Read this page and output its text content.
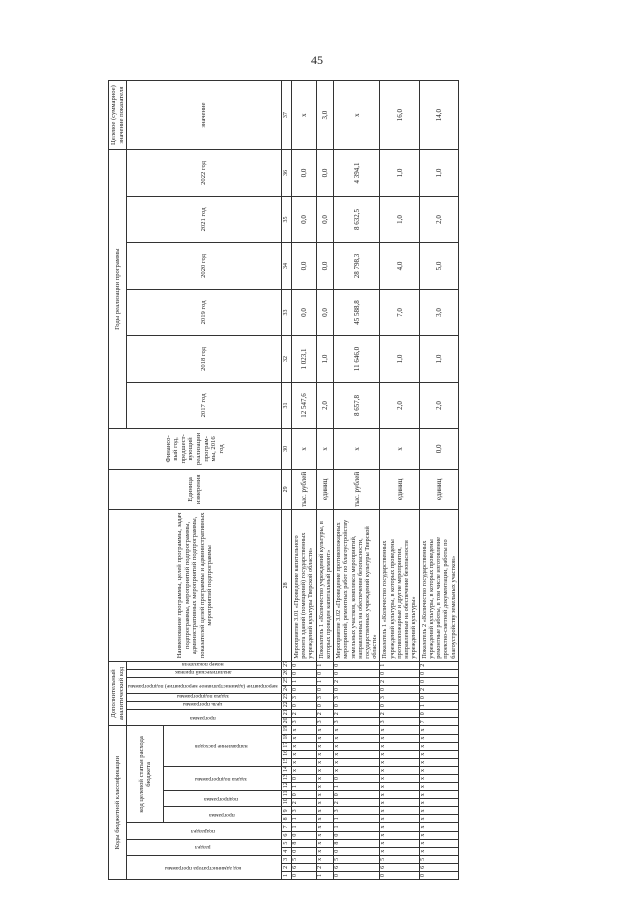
45
Коды бюджетной классификации																			Дополнительный аналитический код								Наименование программы, целей программы, задач подпрограммы, мероприятий подпрограммы, административных мероприятий подпрограммы, показателей целей программы и административных мероприятий подпрограммы	Единица измерения	Финансо-вый год, предшест-вующий реализации програм-мы, 2016 год	Годы реализации программы						Целевое (суммарное) значение показателя
код администратора программы			раздел		подраздел		код целевой статьи расхода бюджета												программа		цель программы	задача подпрограммы	мероприятие (административное мероприятие) подпрограммы		аналитический признак	номер показателя				2017 год	2018 год	2019 год	2020 год	2021 год	2022 год	значение
							программа		подпрограмма		задача подпрограммы			направление расходов																						
1	2	3	4	5	6	7	8	9	10	11	12	13	14	15	16	17	18	19	20	21	22	23	24	25	26	27	28	29	30	31	32	33	34	35	36	37
0	6	5	0	8	0	1	1	3	2	0	1	0	x	x	x	x	x	x	3	2	0	3	0	1	0	0	Мероприятие 3.01 «Проведение капитального ремонта зданий (помещений) государственных учреждений культуры Тверской области»	тыс. рублей	x	12 547,6	1 023,1	0,0	0,0	0,0	0,0	x
1	2	x	x	x	x	x	x	x	x	x	x	x	x	x	x	x	x	x	3	2	0	3	0	1	0	1	Показатель 1 «Количество учреждений культуры, в которых проведен капитальный ремонт»	единиц	x	2,0	1,0	0,0	0,0	0,0	0,0	3,0
0	6	5	0	8	0	1	1	3	2	0	1	0	x	x	x	x	x	x	3	2	0	3	0	2	0	0	Мероприятие 3.02 «Проведение противопожарных мероприятий, ремонтных работ по благоустройству земельных участков, комплекса мероприятий, направленных на обеспечение безопасности, государственных учреждений культуры Тверской области»	тыс. рублей	x	8 657,8	11 646,0	45 588,8	28 798,3	8 632,5	4 394,1	x
0	6	5	x	x	x	x	x	x	x	x	x	x	x	x	x	x	x	x	3	2	0	3	0	2	0	1	Показатель 1 «Количество государственных учреждений культуры, в которых проведены противопожарные и другие мероприятия, направленные на обеспечение безопасности учреждений культуры»	единиц	x	2,0	1,0	7,0	4,0	1,0	1,0	16,0
0	6	5	x	x	x	x	x	x	x	x	x	x	x	x	x	x	x	x	7	0	1	0	2	0	0	2	Показатель 2 «Количество государственных учреждений культуры, в которых проведены ремонтные работы, в том числе изготовление проектно-сметной документации, работы по благоустройству земельных участков»	единиц	0,0	2,0	1,0	3,0	5,0	2,0	1,0	14,0
